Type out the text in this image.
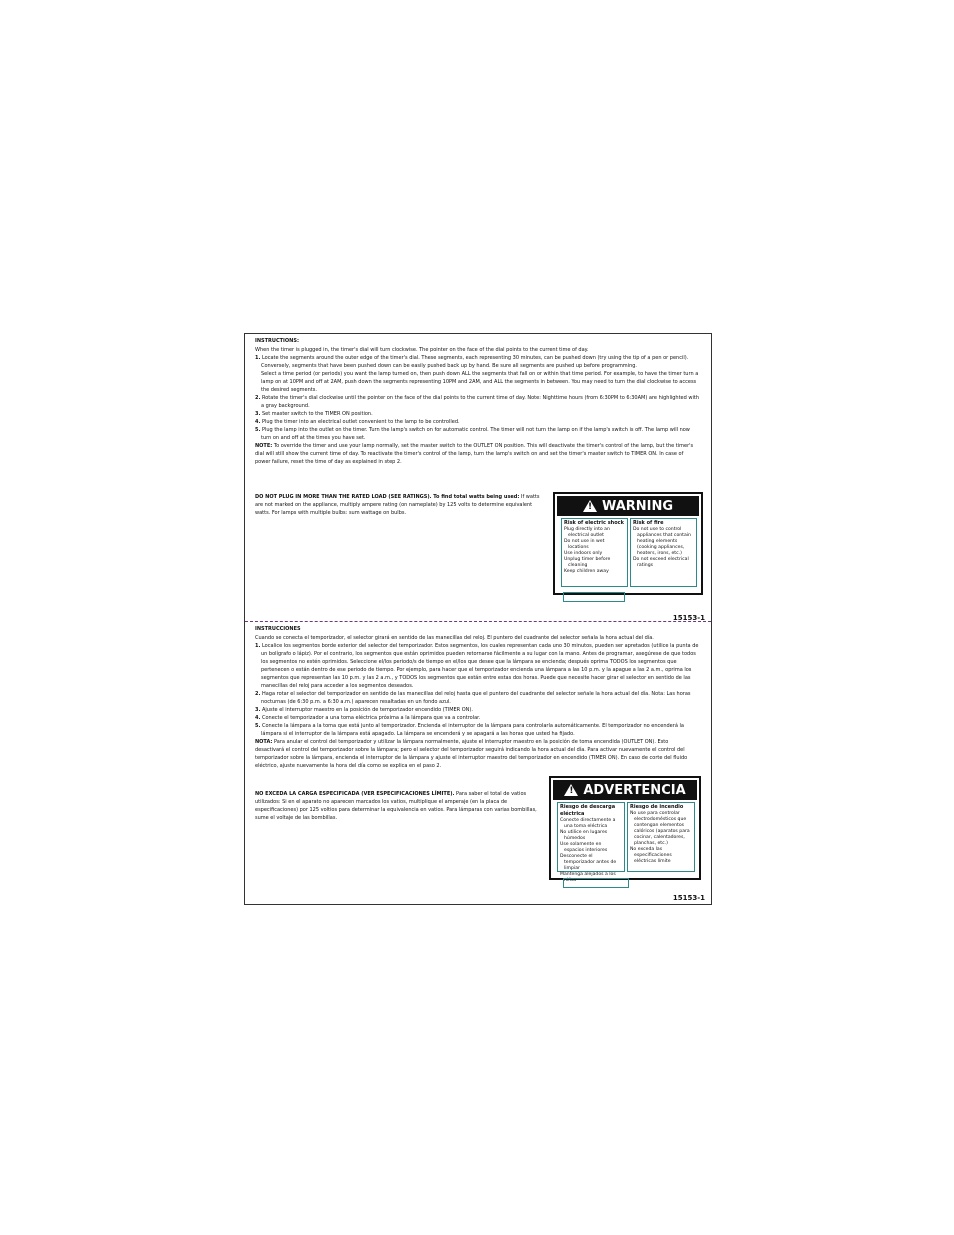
INSTRUCTIONS:

When the timer is plugged in, the timer's dial will turn clockwise. The pointer on the face of the dial points to the current time of day.

1. Locate the segments around the outer edge of the timer's dial. These segments, each representing 30 minutes, can be pushed down (try using the tip of a pen or pencil). Conversely, segments that have been pushed down can be easily pushed back up by hand. Be sure all segments are pushed up before programming.

Select a time period (or periods) you want the lamp turned on, then push down ALL the segments that fall on or within that time period. For example, to have the timer turn a lamp on at 10PM and off at 2AM, push down the segments representing 10PM and 2AM, and ALL the segments in between. You may need to turn the dial clockwise to access the desired segments.

2. Rotate the timer's dial clockwise until the pointer on the face of the dial points to the current time of day. Note: Nighttime hours (from 6:30PM to 6:30AM) are highlighted with a gray background.

3. Set master switch to the TIMER ON position.

4. Plug the timer into an electrical outlet convenient to the lamp to be controlled.

5. Plug the lamp into the outlet on the timer. Turn the lamp's switch on for automatic control. The timer will not turn the lamp on if the lamp's switch is off. The lamp will now turn on and off at the times you have set.

NOTE: To override the timer and use your lamp normally, set the master switch to the OUTLET ON position. This will deactivate the timer's control of the lamp, but the timer's dial will still show the current time of day. To reactivate the timer's control of the lamp, turn the lamp's switch on and set the timer's master switch to TIMER ON. In case of power failure, reset the time of day as explained in step 2.

DO NOT PLUG IN MORE THAN THE RATED LOAD (SEE RATINGS). To find total watts being used: If watts are not marked on the appliance, multiply ampere rating (on nameplate) by 125 volts to determine equivalent watts. For lamps with multiple bulbs: sum wattage on bulbs.
! WARNING
Risk of electric shock
Plug directly into an electrical outlet
Do not use in wet locations
Use indoors only
Unplug timer before cleaning
Keep children away
Risk of fire
Do not use to control appliances that contain heating elements (cooking appliances, heaters, irons, etc.)
Do not exceed electrical ratings
15153-1
INSTRUCCIONES

Cuando se conecta el temporizador, el selector girará en sentido de las manecillas del reloj. El puntero del cuadrante del selector señala la hora actual del día.

1. Localice los segmentos borde exterior del selector del temporizador. Estos segmentos, los cuales representan cada uno 30 minutos, pueden ser apretados (utilice la punta de un bolígrafo o lápiz). Por el contrario, los segmentos que están oprimidos pueden retornarse fácilmente a su lugar con la mano. Antes de programar, asegúrese de que todos los segmentos no estén oprimidos. Seleccione el/los periodo/s de tiempo en el/los que desee que la lámpara se encienda; después oprima TODOS los segmentos que pertenecen o están dentro de ese periodo de tiempo. Por ejemplo, para hacer que el temporizador encienda una lámpara a las 10 p.m. y la apague a las 2 a.m., oprima los segmentos que representan las 10 p.m. y las 2 a.m., y TODOS los segmentos que están entre estas dos horas. Puede que necesite hacer girar el selector en sentido de las manecillas del reloj para acceder a los segmentos deseados.

2. Haga rotar el selector del temporizador en sentido de las manecillas del reloj hasta que el puntero del cuadrante del selector señale la hora actual del día. Nota: Las horas nocturnas (de 6:30 p.m. a 6:30 a.m.) aparecen resaltadas en un fondo azul.

3. Ajuste el interruptor maestro en la posición de temporizador encendido (TIMER ON).

4. Conecte el temporizador a una toma eléctrica próxima a la lámpara que va a controlar.

5. Conecte la lámpara a la toma que está junto al temporizador. Encienda el interruptor de la lámpara para controlarla automáticamente. El temporizador no encenderá la lámpara si el interruptor de la lámpara está apagado. La lámpara se encenderá y se apagará a las horas que usted ha fijado.

NOTA: Para anular el control del temporizador y utilizar la lámpara normalmente, ajuste el interruptor maestro en la posición de toma encendida (OUTLET ON). Esto desactivará el control del temporizador sobre la lámpara; pero el selector del temporizador seguirá indicando la hora actual del día. Para activar nuevamente el control del temporizador sobre la lámpara, encienda el interruptor de la lámpara y ajuste el interruptor maestro del temporizador en encendido (TIMER ON). En caso de corte del fluido eléctrico, ajuste nuevamente la hora del día como se explica en el paso 2.

NO EXCEDA LA CARGA ESPECIFICADA (VER ESPECIFICACIONES LÍMITE). Para saber el total de vatios utilizados: Si en el aparato no aparecen marcados los vatios, multiplique el amperaje (en la placa de especificaciones) por 125 voltios para determinar la equivalencia en vatios. Para lámparas con varias bombillas, sume el voltaje de las bombillas.
! ADVERTENCIA
Riesgo de descarga eléctrica
Conecte directamente a una toma eléctrica
No utilice en lugares húmedos
Use solamente en espacios interiores
Desconecte el temporizador antes de limpiar
Mantenga alejados a los niños
Riesgo de incendio
No use para controlar electrodomésticos que contengan elementos calóricos (aparatos para cocinar, calentadores, planchas, etc.)
No exceda las especificaciones eléctricas límite
15153-1
